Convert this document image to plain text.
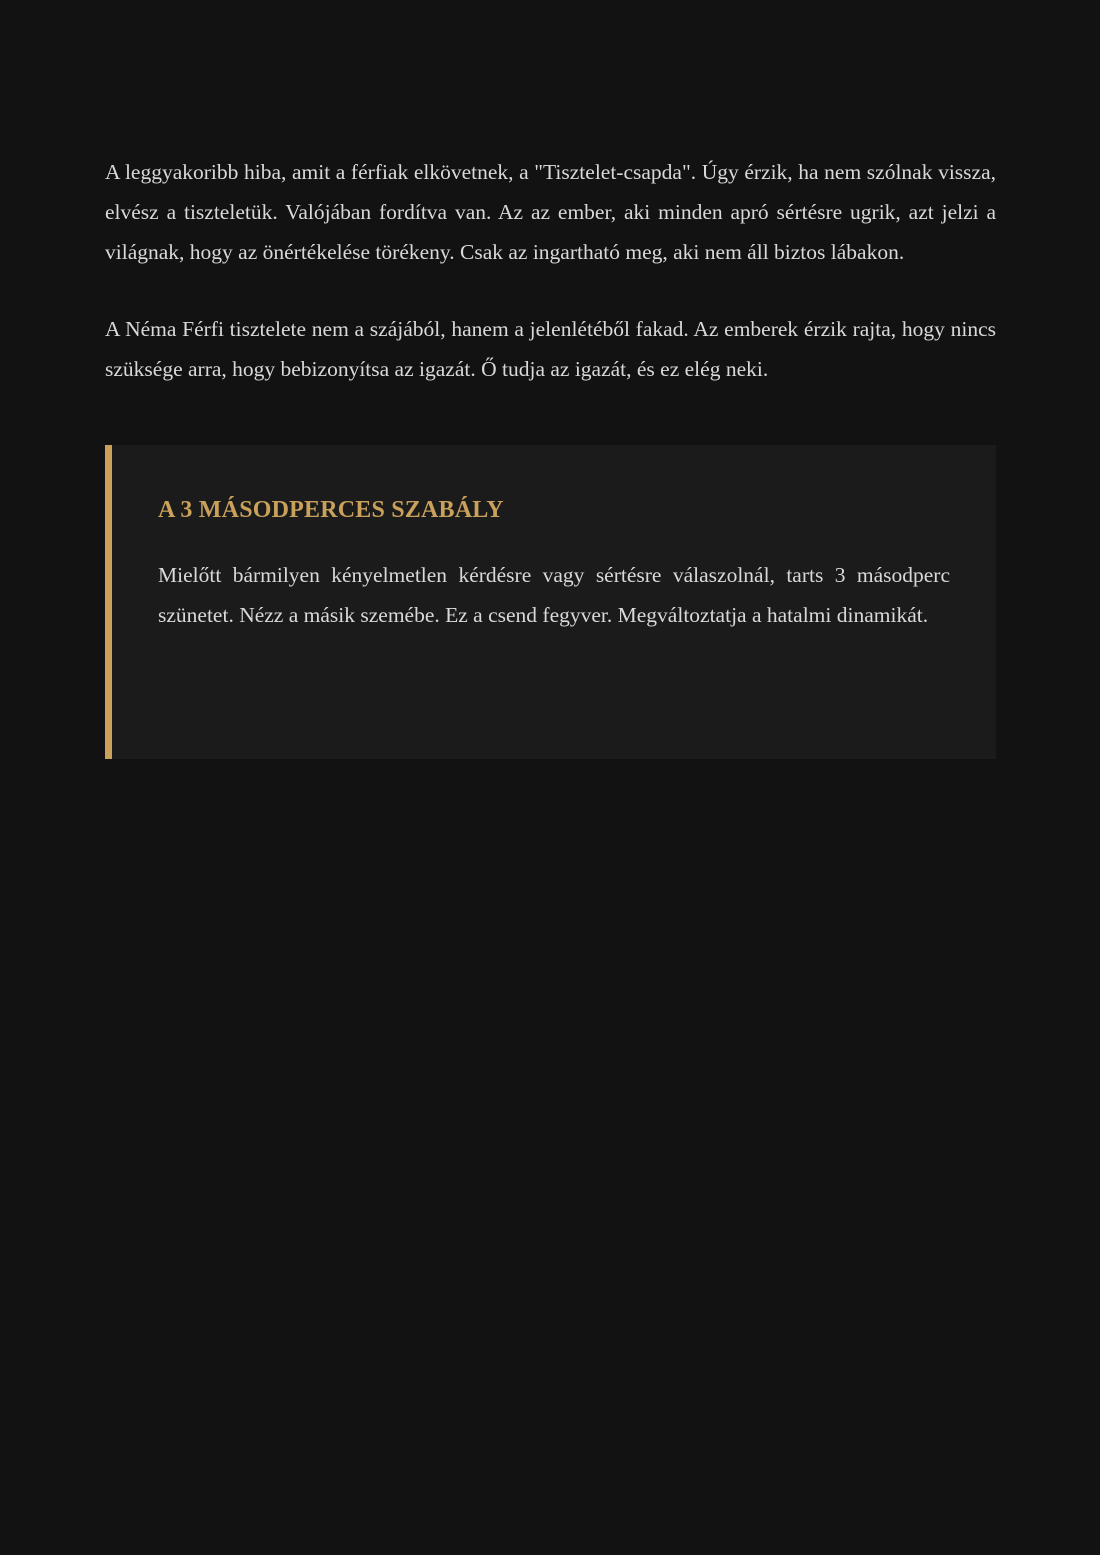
A leggyakoribb hiba, amit a férfiak elkövetnek, a "Tisztelet-csapda". Úgy érzik, ha nem szólnak vissza, elvész a tiszteletük. Valójában fordítva van. Az az ember, aki minden apró sértésre ugrik, azt jelzi a világnak, hogy az önértékelése törékeny. Csak az ingartható meg, aki nem áll biztos lábakon.

A Néma Férfi tisztelete nem a szájából, hanem a jelenlétéből fakad. Az emberek érzik rajta, hogy nincs szüksége arra, hogy bebizonyítsa az igazát. Ő tudja az igazát, és ez elég neki.

A 3 MÁSODPERCES SZABÁLY

Mielőtt bármilyen kényelmetlen kérdésre vagy sértésre válaszolnál, tarts 3 másodperc szünetet. Nézz a másik szemébe. Ez a csend fegyver. Megváltoztatja a hatalmi dinamikát.
